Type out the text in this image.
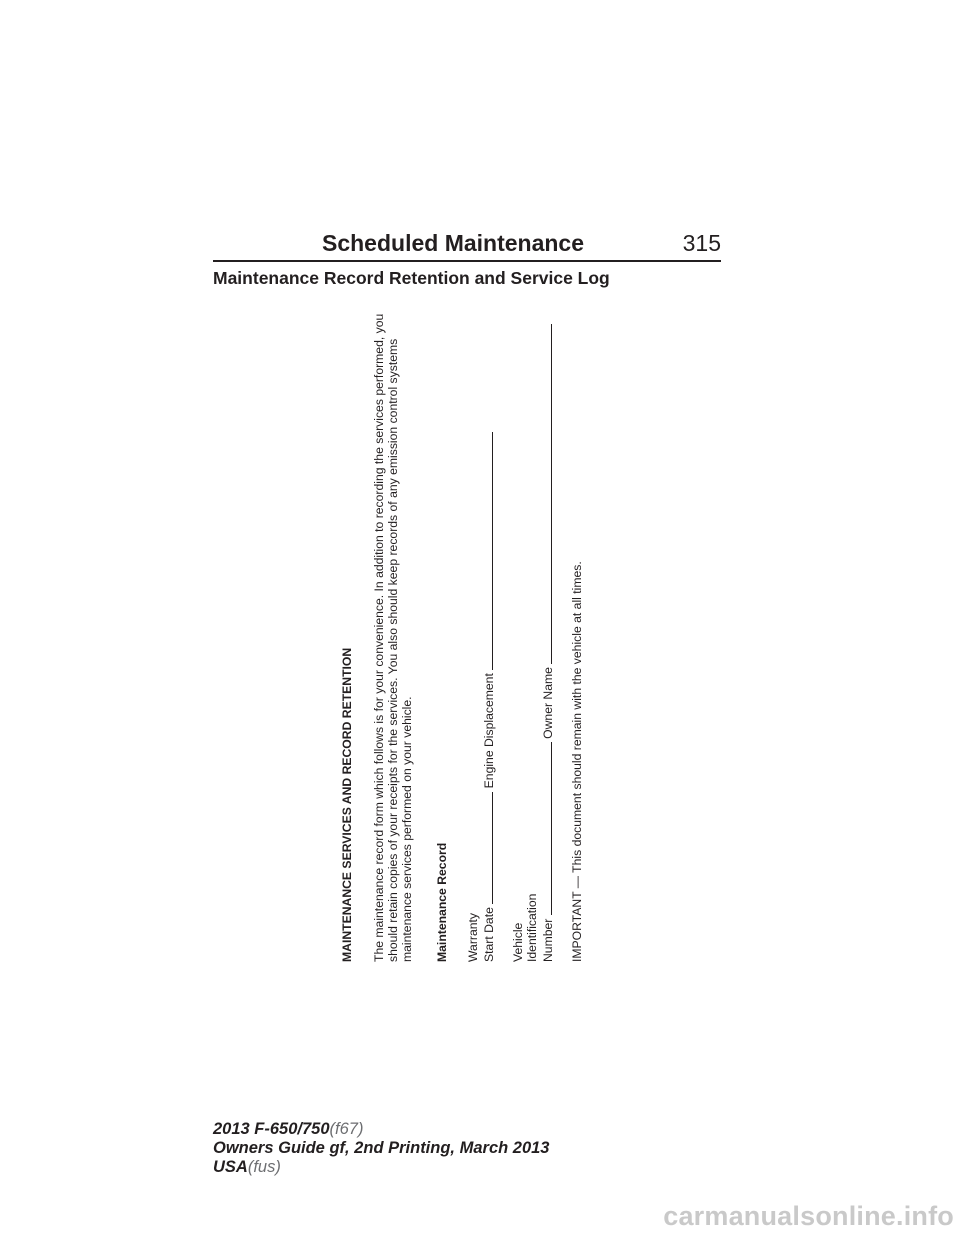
Scheduled Maintenance	315
Maintenance Record Retention and Service Log
MAINTENANCE SERVICES AND RECORD RETENTION The maintenance record form which follows is for your convenience. In addition to recording the services performed, you should retain copies of your receipts for the services. You also should keep records of any emission control systems maintenance services performed on your vehicle. Maintenance Record Warranty Start Date  Engine Displacement
Vehicle Identification Number  Owner Name IMPORTANT — This document should remain with the vehicle at all times.
2013 F-650/750(f67)
Owners Guide gf, 2nd Printing, March 2013
USA(fus)
carmanualsonline.info
